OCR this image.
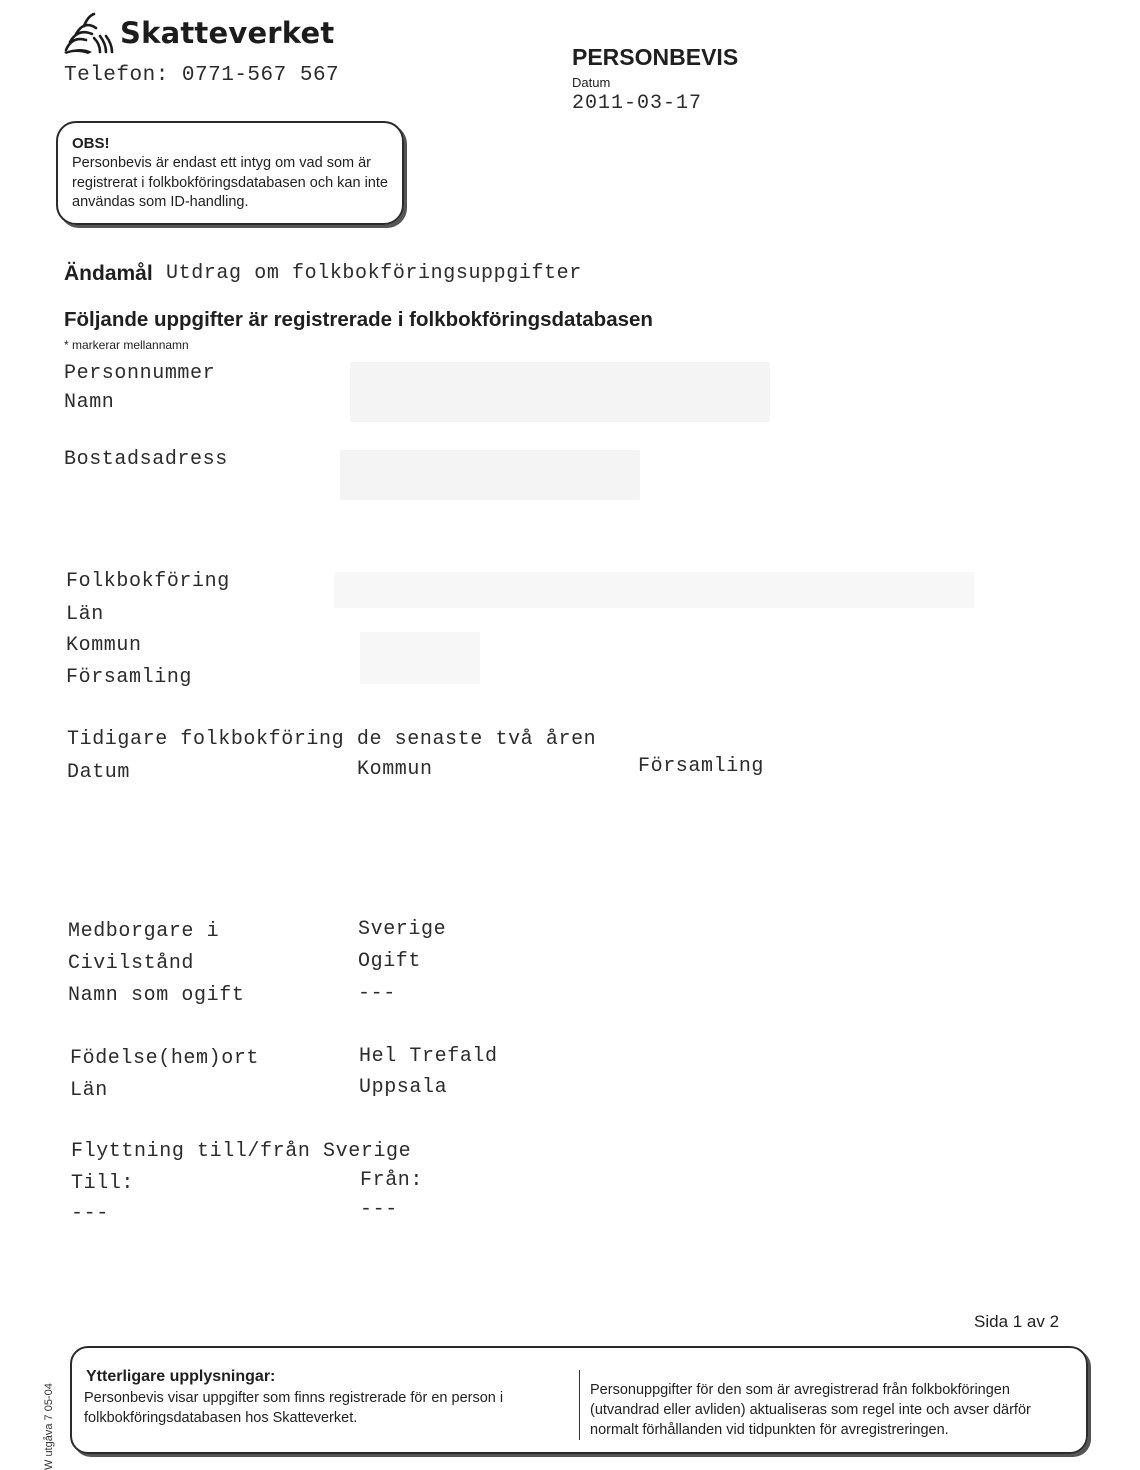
Skatteverket
Telefon: 0771-567 567
PERSONBEVIS
Datum
2011-03-17
OBS!
Personbevis är endast ett intyg om vad som är registrerat i folkbokföringsdatabasen och kan inte användas som ID-handling.
Ändamål Utdrag om folkbokföringsuppgifter
Följande uppgifter är registrerade i folkbokföringsdatabasen
* markerar mellannamn
Personnummer
Namn
Bostadsadress
Folkbokföring
Län
Kommun
Församling
Tidigare folkbokföring de senaste två åren
Datum	Kommun	Församling
Medborgare i	Sverige
Civilstånd	Ogift
Namn som ogift	---
Födelse(hem)ort	Hel Trefald
Län	Uppsala
Flyttning till/från Sverige
Till:	Från:
---	---
Sida 1 av 2
W utgåva 7 05-04
Ytterligare upplysningar:
Personbevis visar uppgifter som finns registrerade för en person i folkbokföringsdatabasen hos Skatteverket.
Personuppgifter för den som är avregistrerad från folkbokföringen (utvandrad eller avliden) aktualiseras som regel inte och avser därför normalt förhållanden vid tidpunkten för avregistreringen.
